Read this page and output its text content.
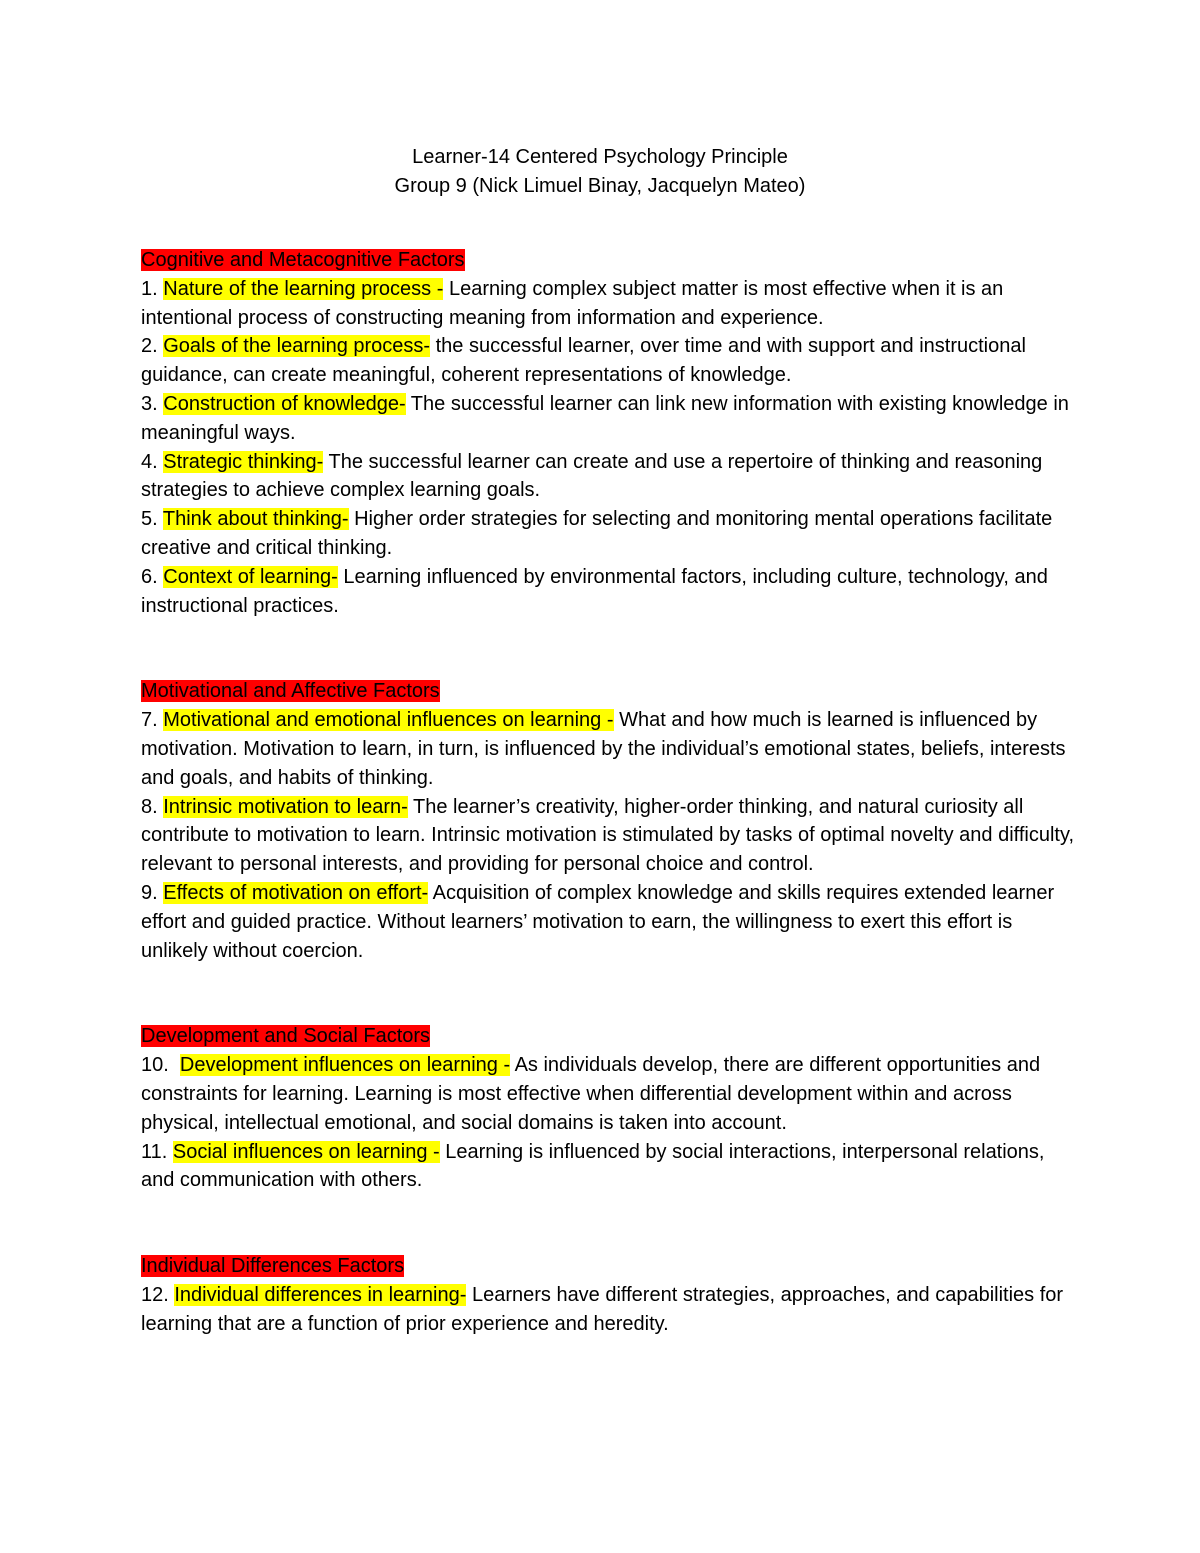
Learner-14 Centered Psychology Principle
Group 9 (Nick Limuel Binay, Jacquelyn Mateo)
Cognitive and Metacognitive Factors

1. Nature of the learning process - Learning complex subject matter is most effective when it is an intentional process of constructing meaning from information and experience.

2. Goals of the learning process- the successful learner, over time and with support and instructional guidance, can create meaningful, coherent representations of knowledge.

3. Construction of knowledge- The successful learner can link new information with existing knowledge in meaningful ways.

4. Strategic thinking- The successful learner can create and use a repertoire of thinking and reasoning strategies to achieve complex learning goals.

5. Think about thinking- Higher order strategies for selecting and monitoring mental operations facilitate creative and critical thinking.

6. Context of learning- Learning influenced by environmental factors, including culture, technology, and instructional practices.

Motivational and Affective Factors

7. Motivational and emotional influences on learning - What and how much is learned is influenced by motivation. Motivation to learn, in turn, is influenced by the individual’s emotional states, beliefs, interests and goals, and habits of thinking.

8. Intrinsic motivation to learn- The learner’s creativity, higher-order thinking, and natural curiosity all contribute to motivation to learn. Intrinsic motivation is stimulated by tasks of optimal novelty and difficulty, relevant to personal interests, and providing for personal choice and control.

9. Effects of motivation on effort- Acquisition of complex knowledge and skills requires extended learner effort and guided practice. Without learners’ motivation to earn, the willingness to exert this effort is unlikely without coercion.

Development and Social Factors

10.  Development influences on learning - As individuals develop, there are different opportunities and constraints for learning. Learning is most effective when differential development within and across physical, intellectual emotional, and social domains is taken into account.

11. Social influences on learning - Learning is influenced by social interactions, interpersonal relations, and communication with others.

Individual Differences Factors

12. Individual differences in learning- Learners have different strategies, approaches, and capabilities for learning that are a function of prior experience and heredity.
